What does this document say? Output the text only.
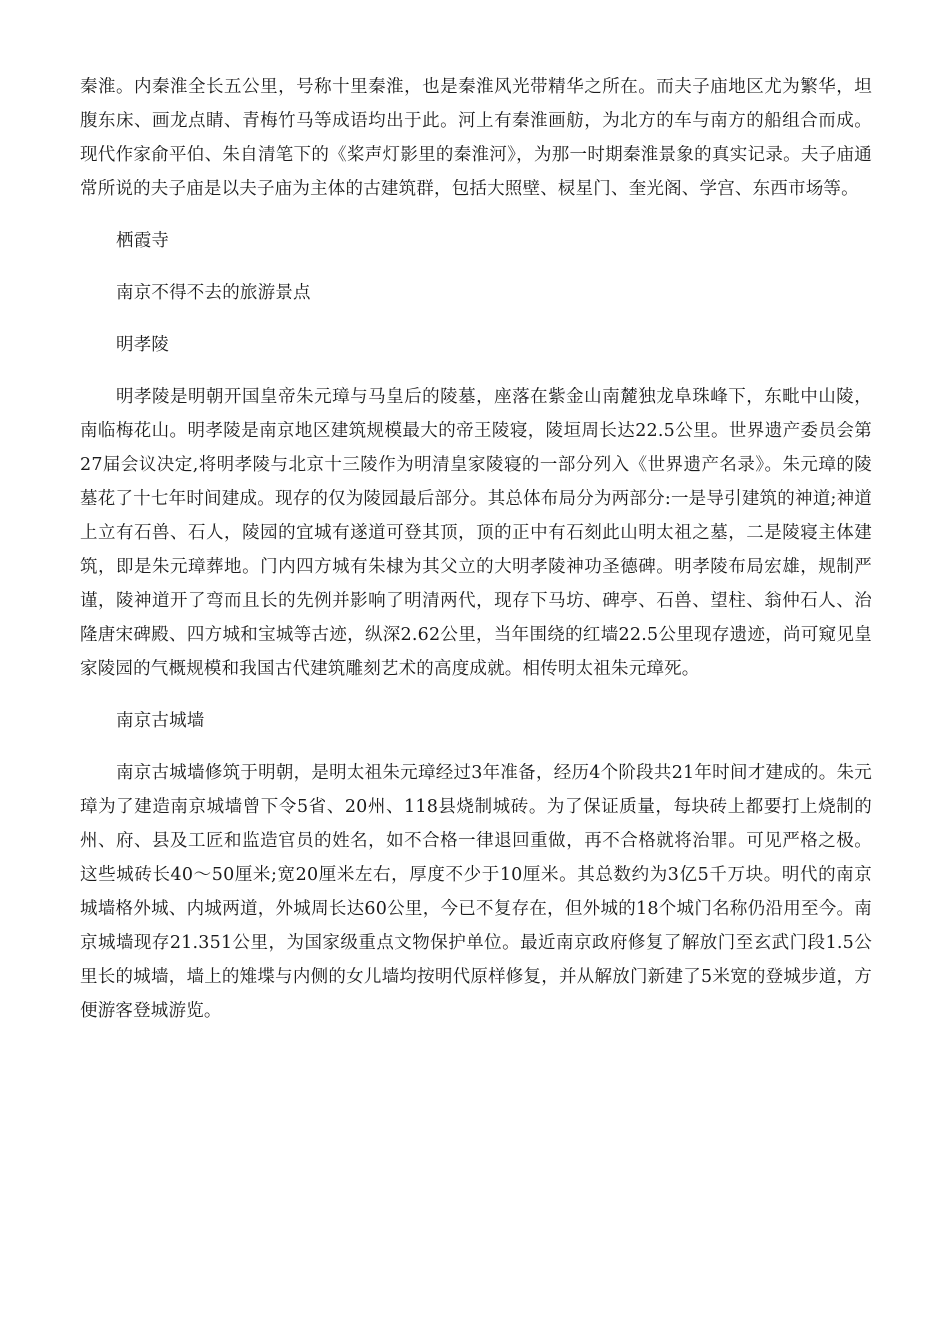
秦淮。内秦淮全长五公里，号称十里秦淮，也是秦淮风光带精华之所在。而夫子庙地区尤为繁华，坦腹东床、画龙点睛、青梅竹马等成语均出于此。河上有秦淮画舫，为北方的车与南方的船组合而成。现代作家俞平伯、朱自清笔下的《桨声灯影里的秦淮河》，为那一时期秦淮景象的真实记录。夫子庙通常所说的夫子庙是以夫子庙为主体的古建筑群，包括大照壁、棂星门、奎光阁、学宫、东西市场等。

栖霞寺

南京不得不去的旅游景点

明孝陵

明孝陵是明朝开国皇帝朱元璋与马皇后的陵墓，座落在紫金山南麓独龙阜珠峰下，东毗中山陵，南临梅花山。明孝陵是南京地区建筑规模最大的帝王陵寝，陵垣周长达22.5公里。世界遗产委员会第27届会议决定,将明孝陵与北京十三陵作为明清皇家陵寝的一部分列入《世界遗产名录》。朱元璋的陵墓花了十七年时间建成。现存的仅为陵园最后部分。其总体布局分为两部分:一是导引建筑的神道;神道上立有石兽、石人，陵园的宜城有遂道可登其顶，顶的正中有石刻此山明太祖之墓，二是陵寝主体建筑，即是朱元璋葬地。门内四方城有朱棣为其父立的大明孝陵神功圣德碑。明孝陵布局宏雄，规制严谨，陵神道开了弯而且长的先例并影响了明清两代，现存下马坊、碑亭、石兽、望柱、翁仲石人、治隆唐宋碑殿、四方城和宝城等古迹，纵深2.62公里，当年围绕的红墙22.5公里现存遗迹，尚可窥见皇家陵园的气概规模和我国古代建筑雕刻艺术的高度成就。相传明太祖朱元璋死。

南京古城墙

南京古城墙修筑于明朝，是明太祖朱元璋经过3年准备，经历4个阶段共21年时间才建成的。朱元璋为了建造南京城墙曾下令5省、20州、118县烧制城砖。为了保证质量，每块砖上都要打上烧制的州、府、县及工匠和监造官员的姓名，如不合格一律退回重做，再不合格就将治罪。可见严格之极。这些城砖长40～50厘米;宽20厘米左右，厚度不少于10厘米。其总数约为3亿5千万块。明代的南京城墙格外城、内城两道，外城周长达60公里，今已不复存在，但外城的18个城门名称仍沿用至今。南京城墙现存21.351公里，为国家级重点文物保护单位。最近南京政府修复了解放门至玄武门段1.5公里长的城墙，墙上的雉堞与内侧的女儿墙均按明代原样修复，并从解放门新建了5米宽的登城步道，方便游客登城游览。
